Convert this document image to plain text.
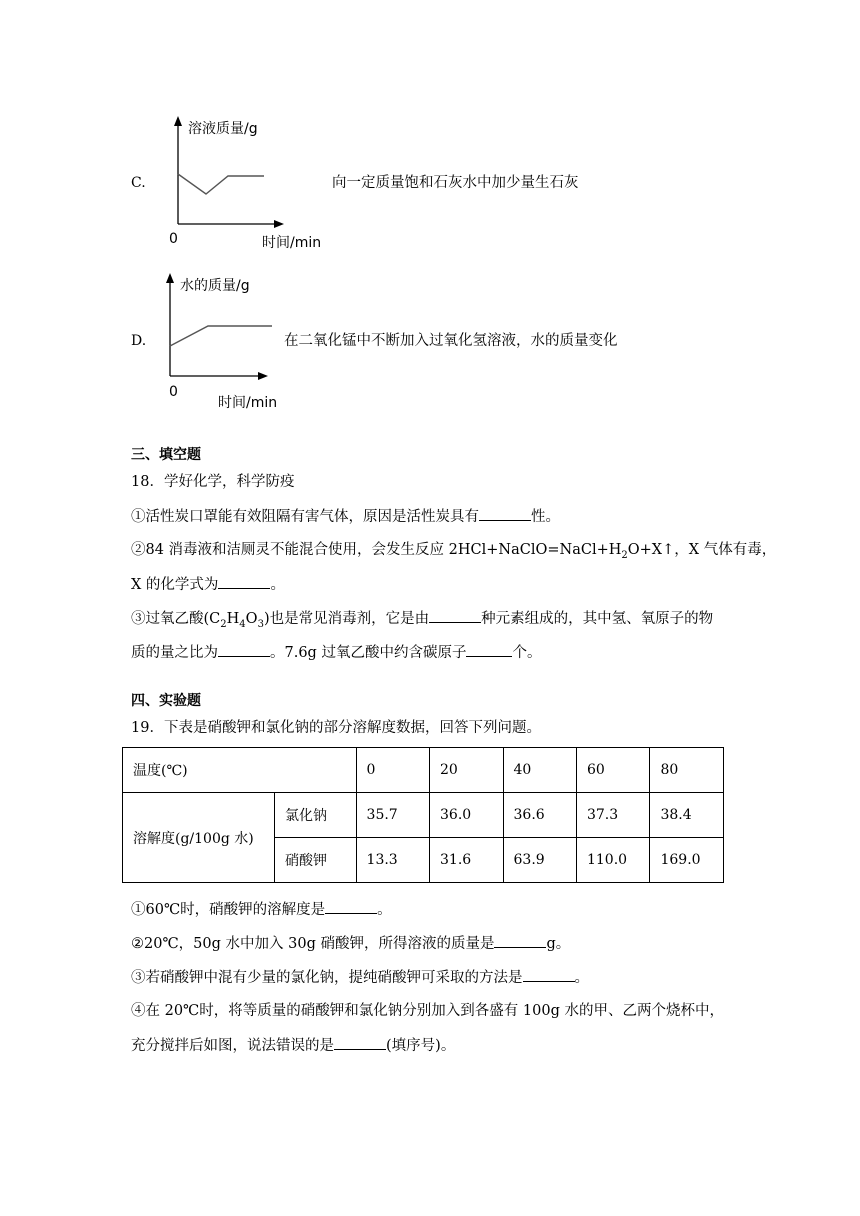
C.
溶液质量/g
0	时间/min
向一定质量饱和石灰水中加少量生石灰
D.
水的质量/g
0
时间/min
在二氧化锰中不断加入过氧化氢溶液，水的质量变化
三、填空题
18．学好化学，科学防疫
①活性炭口罩能有效阻隔有害气体，原因是活性炭具有	性。
②84 消毒液和洁厕灵不能混合使用，会发生反应 $2HCl+NaClO=NaCl+H_2O+X↑$，X 气体有毒，
X 的化学式为	。
③过氧乙酸$(C_2H_4O_3)$也是常见消毒剂，它是由	种元素组成的，其中氢、氧原子的物
质的量之比为	。7.6g 过氧乙酸中约含碳原子	个。
四、实验题
19．下表是硝酸钾和氯化钠的部分溶解度数据，回答下列问题。
温度(℃)		0	20	40	60	80
溶解度(g/100g 水)	氯化钠	35.7	36.0	36.6	37.3	38.4
	硝酸钾	13.3	31.6	63.9	110.0	169.0
①60℃时，硝酸钾的溶解度是	。
②20℃，50g 水中加入 30g 硝酸钾，所得溶液的质量是	g。
③若硝酸钾中混有少量的氯化钠，提纯硝酸钾可采取的方法是	。
④在 20℃时，将等质量的硝酸钾和氯化钠分别加入到各盛有 100g 水的甲、乙两个烧杯中，
充分搅拌后如图，说法错误的是	(填序号)。
